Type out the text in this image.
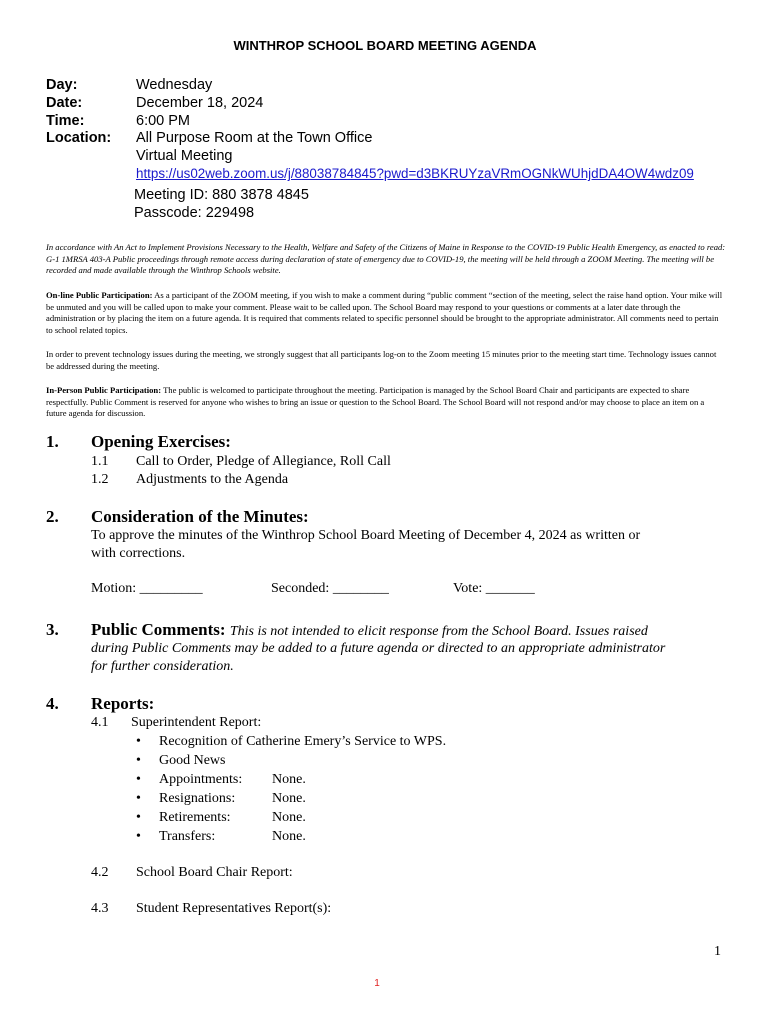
WINTHROP SCHOOL BOARD MEETING AGENDA
Day:	Wednesday
Date:	December 18, 2024
Time:	6:00 PM
Location: All Purpose Room at the Town Office
Virtual Meeting
https://us02web.zoom.us/j/88038784845?pwd=d3BKRUYzaVRmOGNkWUhjdDA4OW4wdz09
Meeting ID: 880 3878 4845
Passcode: 229498
In accordance with An Act to Implement Provisions Necessary to the Health, Welfare and Safety of the Citizens of Maine in Response to the COVID-19 Public Health Emergency, as enacted to read: G-1 1MRSA 403-A Public proceedings through remote access during declaration of state of emergency due to COVID-19, the meeting will be held through a ZOOM Meeting. The meeting will be recorded and made available through the Winthrop Schools website.
On-line Public Participation: As a participant of the ZOOM meeting, if you wish to make a comment during “public comment “section of the meeting, select the raise hand option. Your mike will be unmuted and you will be called upon to make your comment. Please wait to be called upon. The School Board may respond to your questions or comments at a later date through the administration or by placing the item on a future agenda. It is required that comments related to specific personnel should be brought to the appropriate administrator. All comments need to pertain to school related topics.
In order to prevent technology issues during the meeting, we strongly suggest that all participants log-on to the Zoom meeting 15 minutes prior to the meeting start time. Technology issues cannot be addressed during the meeting.
In-Person Public Participation: The public is welcomed to participate throughout the meeting. Participation is managed by the School Board Chair and participants are expected to share respectfully. Public Comment is reserved for anyone who wishes to bring an issue or question to the School Board. The School Board will not respond and/or may choose to place an item on a future agenda for discussion.
1. Opening Exercises:
1.1 Call to Order, Pledge of Allegiance, Roll Call
1.2 Adjustments to the Agenda
2. Consideration of the Minutes:
To approve the minutes of the Winthrop School Board Meeting of December 4, 2024 as written or
with corrections.
Motion: _________	Seconded: ________	Vote: _______
3. Public Comments: This is not intended to elicit response from the School Board. Issues raised
during Public Comments may be added to a future agenda or directed to an appropriate administrator
for further consideration.
4. Reports:
4.1 Superintendent Report:
• Recognition of Catherine Emery’s Service to WPS.
• Good News
• Appointments: None.
• Resignations:	None.
• Retirements:	None.
• Transfers:	None.
4.2 School Board Chair Report:
4.3 Student Representatives Report(s):
1
1
